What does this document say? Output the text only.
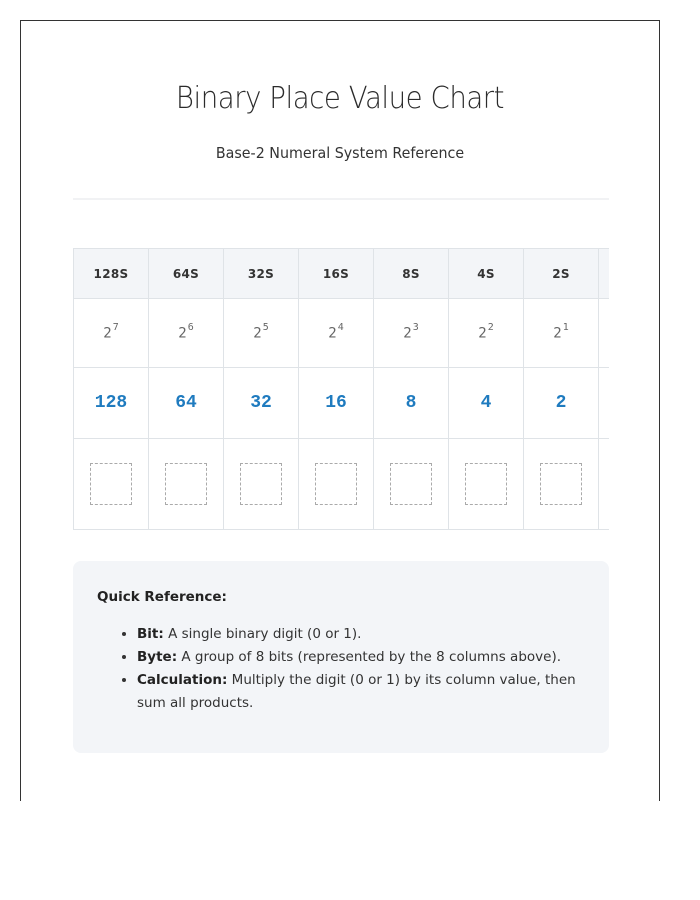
Binary Place Value Chart

Base-2 Numeral System Reference

128S	64S	32S	16S	8S	4S	2S	
$2^7$	$2^6$	$2^5$	$2^4$	$2^3$	$2^2$	$2^1$	
128	64	32	16	8	4	2	

Quick Reference:

• Bit: A single binary digit (0 or 1).
• Byte: A group of 8 bits (represented by the 8 columns above).
• Calculation: Multiply the digit (0 or 1) by its column value, then sum all products.
